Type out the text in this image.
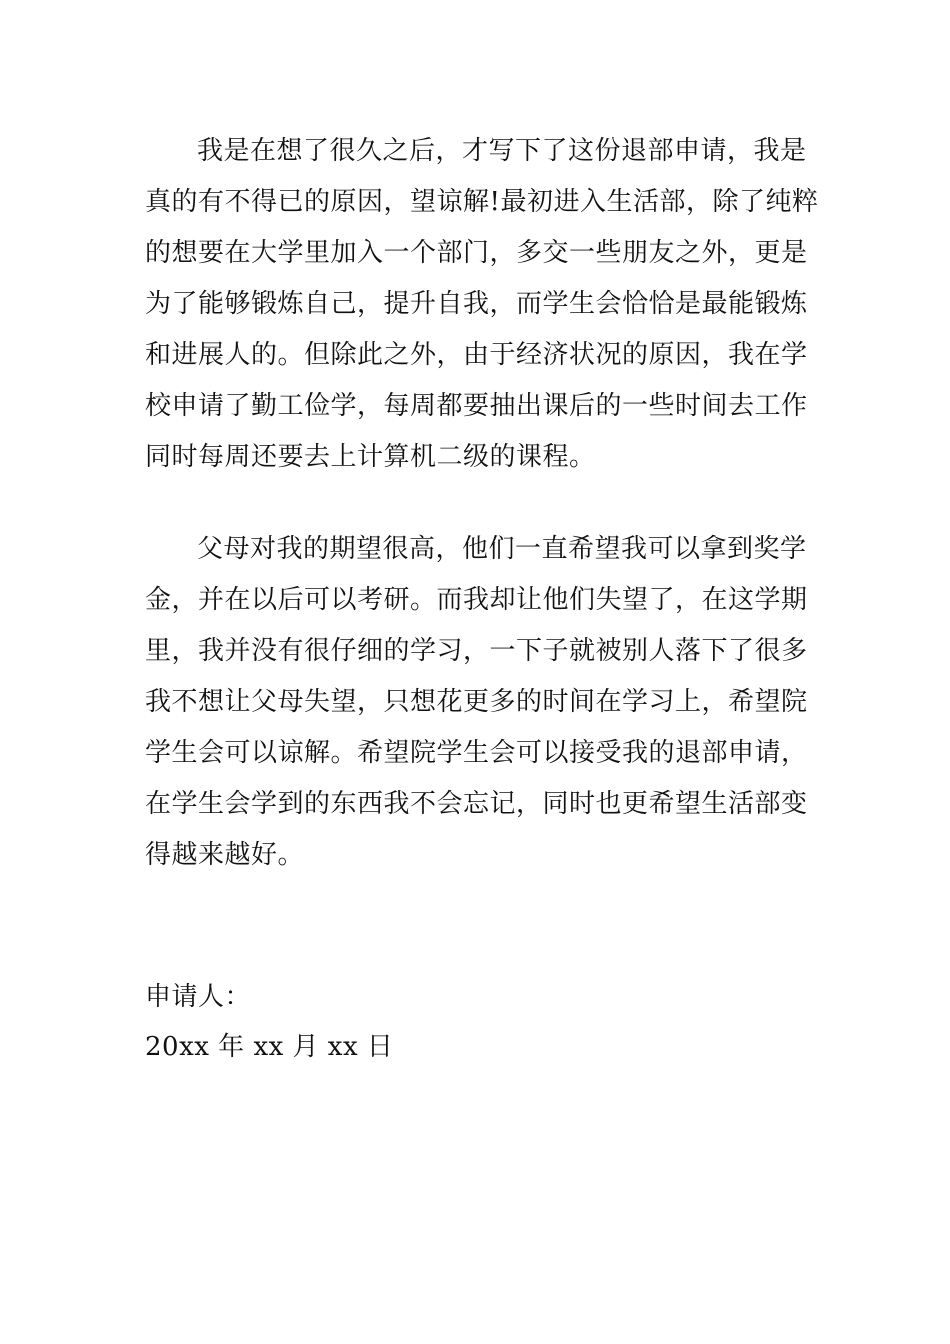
我是在想了很久之后，才写下了这份退部申请，我是
真的有不得已的原因，望谅解!最初进入生活部，除了纯粹
的想要在大学里加入一个部门，多交一些朋友之外，更是
为了能够锻炼自己，提升自我，而学生会恰恰是最能锻炼
和进展人的。但除此之外，由于经济状况的原因，我在学
校申请了勤工俭学，每周都要抽出课后的一些时间去工作
同时每周还要去上计算机二级的课程。
父母对我的期望很高，他们一直希望我可以拿到奖学
金，并在以后可以考研。而我却让他们失望了，在这学期
里，我并没有很仔细的学习，一下子就被别人落下了很多
我不想让父母失望，只想花更多的时间在学习上，希望院
学生会可以谅解。希望院学生会可以接受我的退部申请，
在学生会学到的东西我不会忘记，同时也更希望生活部变
得越来越好。
申请人：
20xx 年 xx 月 xx 日
